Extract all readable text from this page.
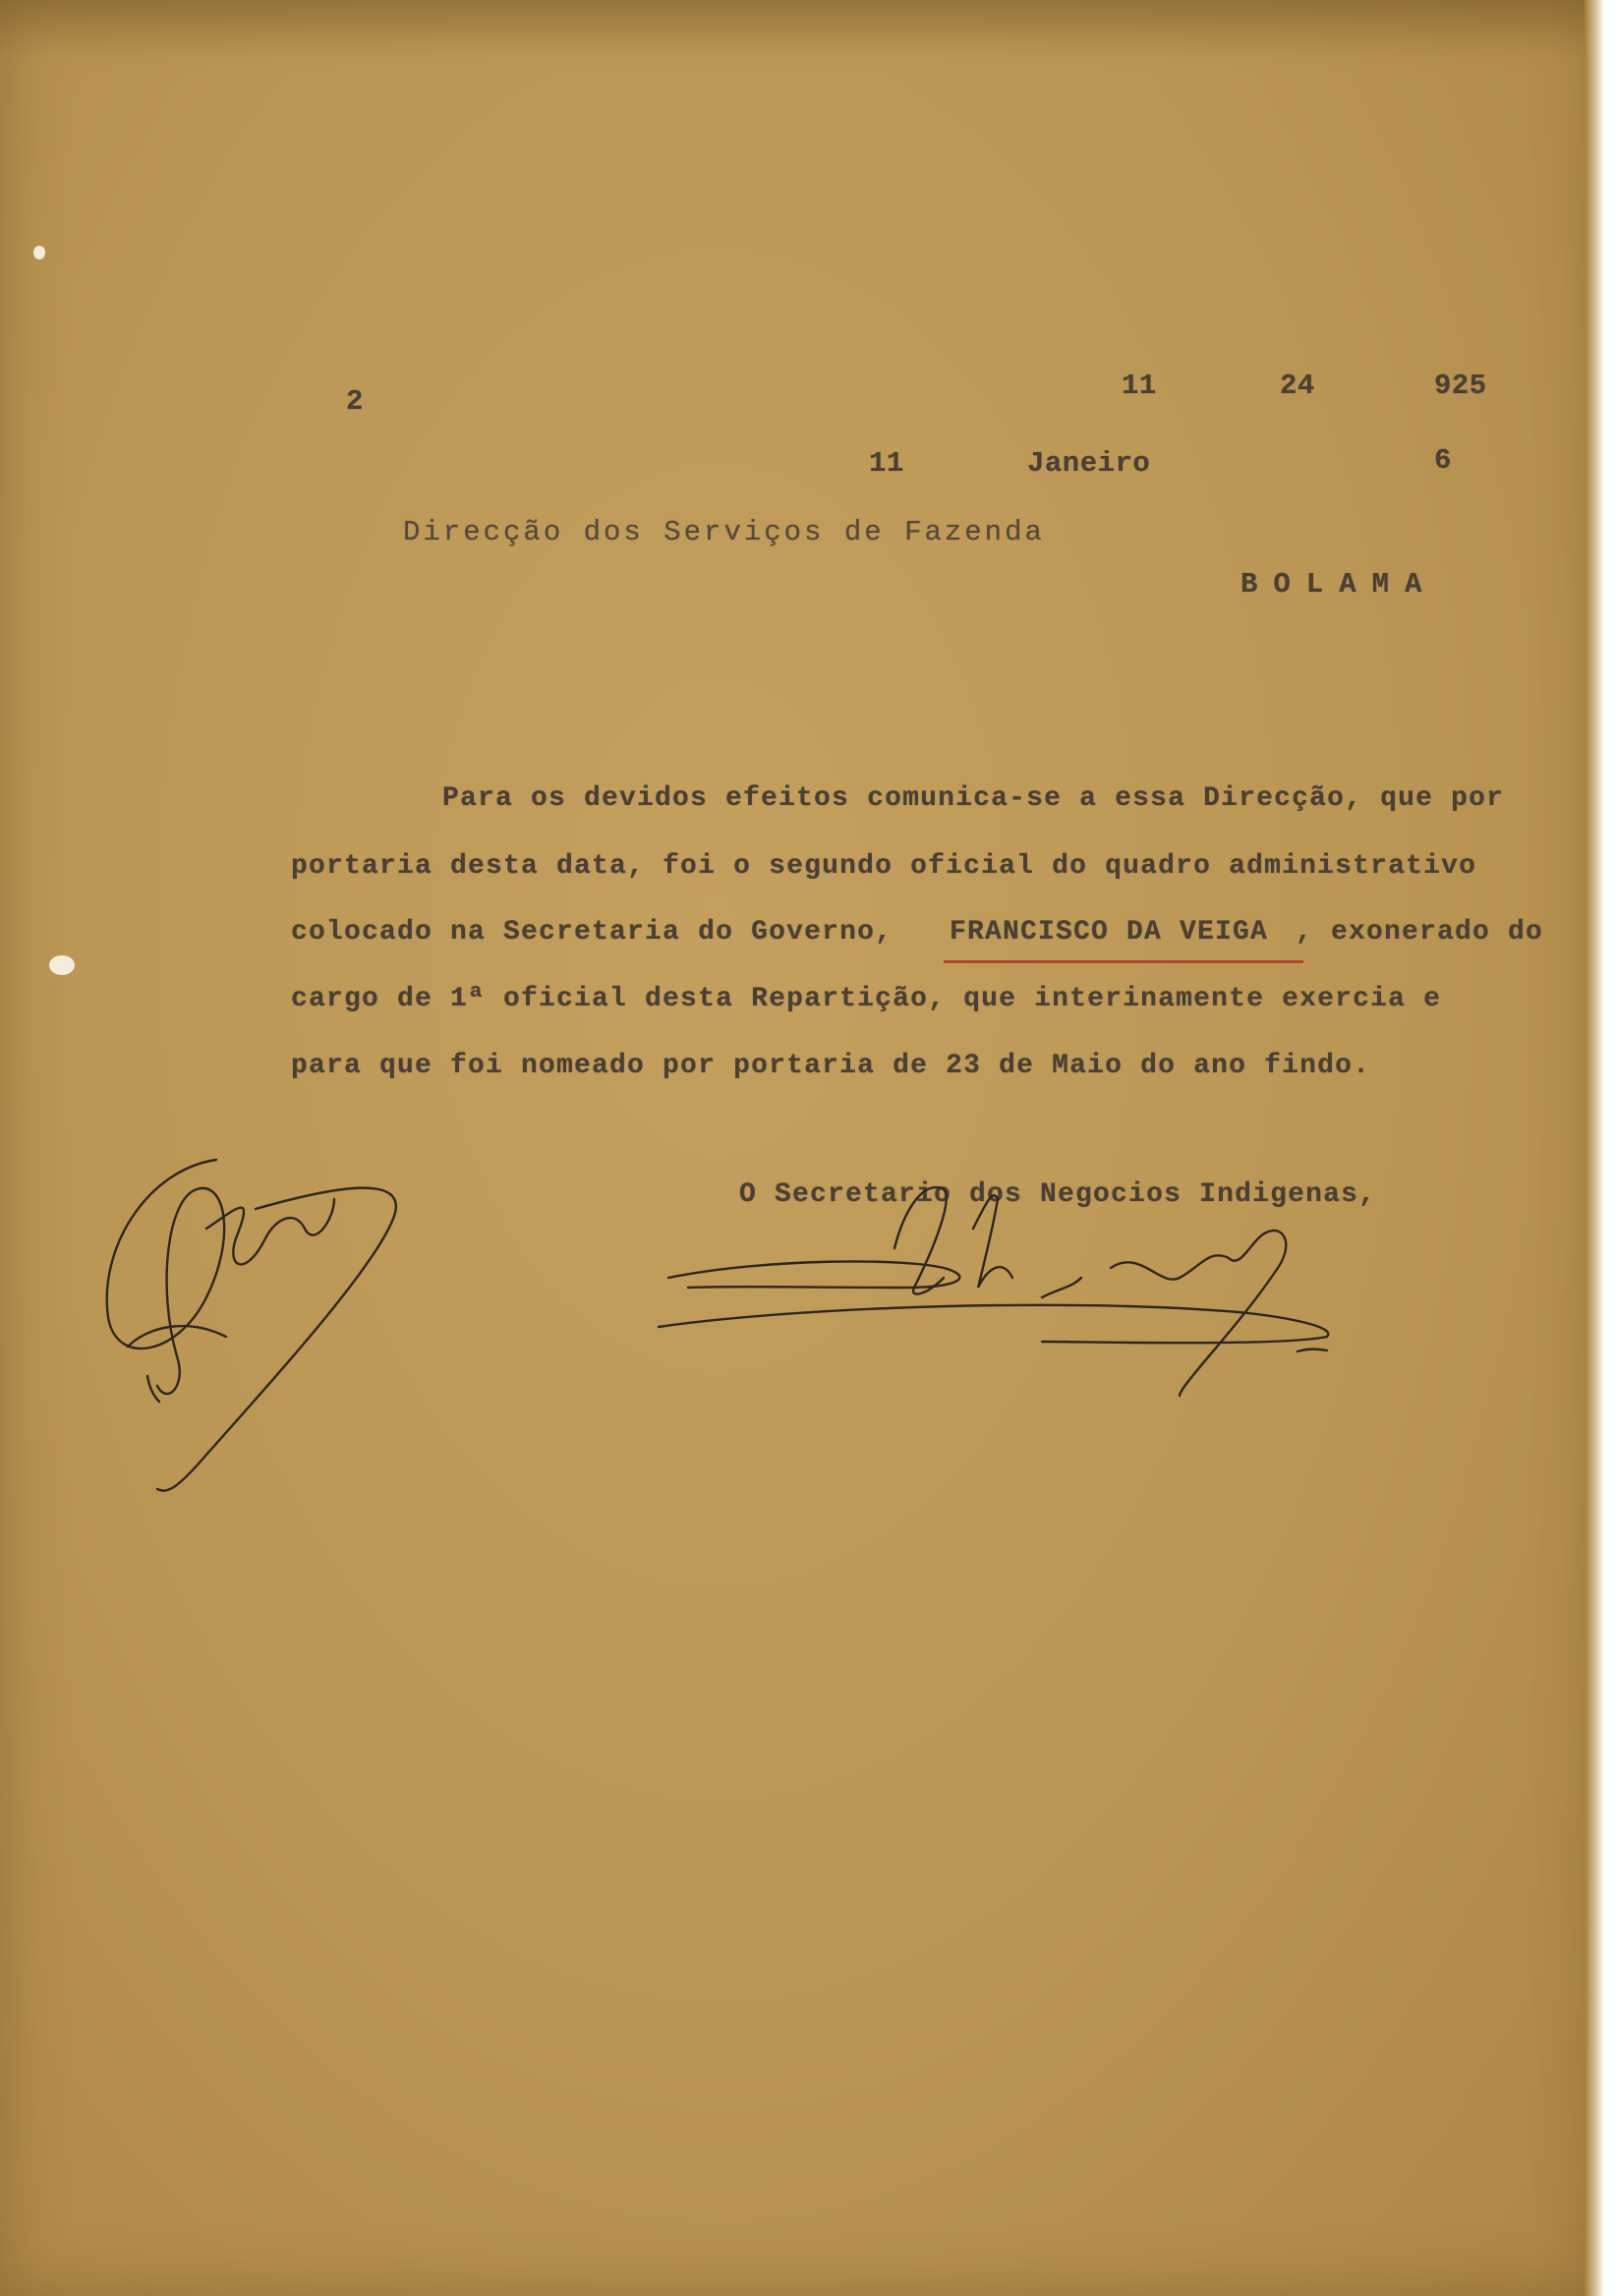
2	11	24	925
11	Janeiro	6
Direcção dos Serviços de Fazenda
BOLAMA
Para os devidos efeitos comunica-se a essa Direcção, que por
portaria desta data, foi o segundo oficial do quadro administrativo
colocado na Secretaria do Governo, FRANCISCO DA VEIGA , exonerado do
cargo de 1ª oficial desta Repartição, que interinamente exercia e
para que foi nomeado por portaria de 23 de Maio do ano findo.
O Secretario dos Negocios Indigenas,
